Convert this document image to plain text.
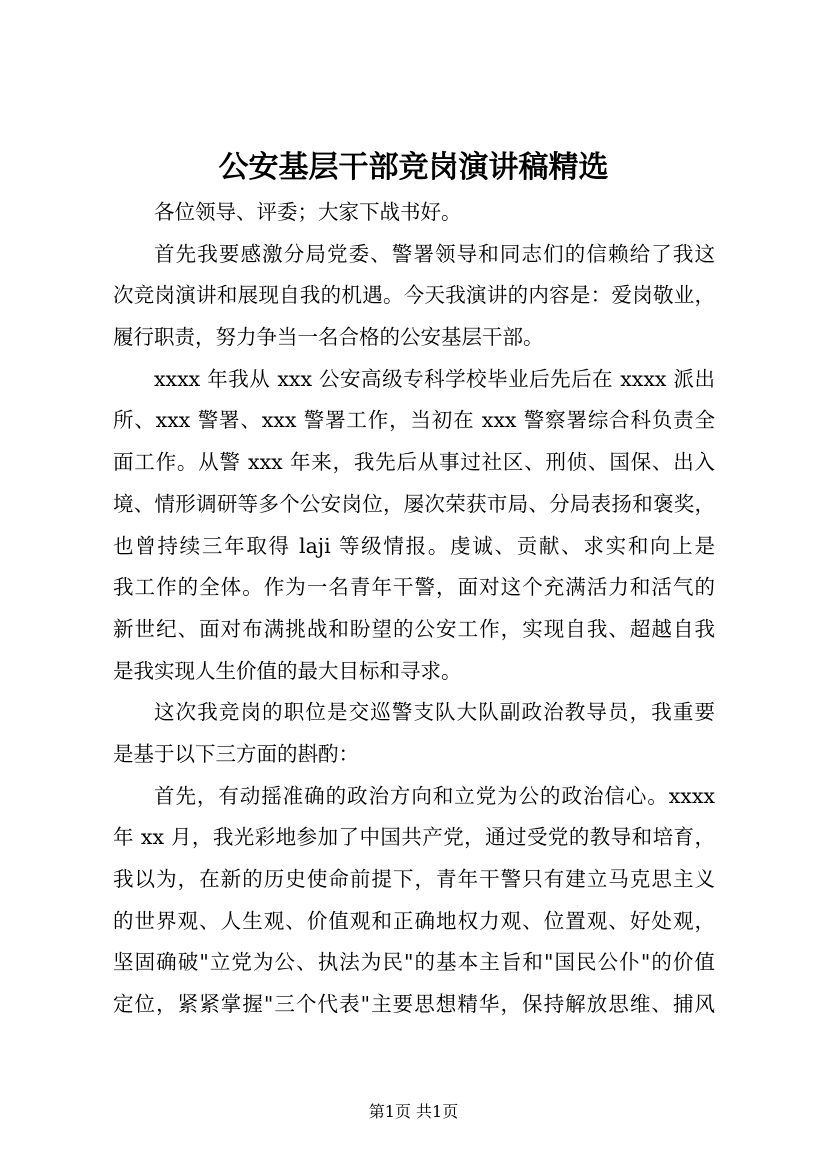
公安基层干部竞岗演讲稿精选
各位领导、评委；大家下战书好。
首先我要感激分局党委、警署领导和同志们的信赖给了我这
次竞岗演讲和展现自我的机遇。今天我演讲的内容是：爱岗敬业，
履行职责，努力争当一名合格的公安基层干部。
xxxx 年我从 xxx 公安高级专科学校毕业后先后在 xxxx 派出
所、xxx 警署、xxx 警署工作，当初在 xxx 警察署综合科负责全
面工作。从警 xxx 年来，我先后从事过社区、刑侦、国保、出入
境、情形调研等多个公安岗位，屡次荣获市局、分局表扬和褒奖，
也曾持续三年取得 laji 等级情报。虔诚、贡献、求实和向上是
我工作的全体。作为一名青年干警，面对这个充满活力和活气的
新世纪、面对布满挑战和盼望的公安工作，实现自我、超越自我
是我实现人生价值的最大目标和寻求。
这次我竞岗的职位是交巡警支队大队副政治教导员，我重要
是基于以下三方面的斟酌：
首先，有动摇准确的政治方向和立党为公的政治信心。xxxx
年 xx 月，我光彩地参加了中国共产党，通过受党的教导和培育，
我以为，在新的历史使命前提下，青年干警只有建立马克思主义
的世界观、人生观、价值观和正确地权力观、位置观、好处观，
坚固确破"立党为公、执法为民"的基本主旨和"国民公仆"的价值
定位，紧紧掌握"三个代表"主要思想精华，保持解放思维、捕风
第1页 共1页
